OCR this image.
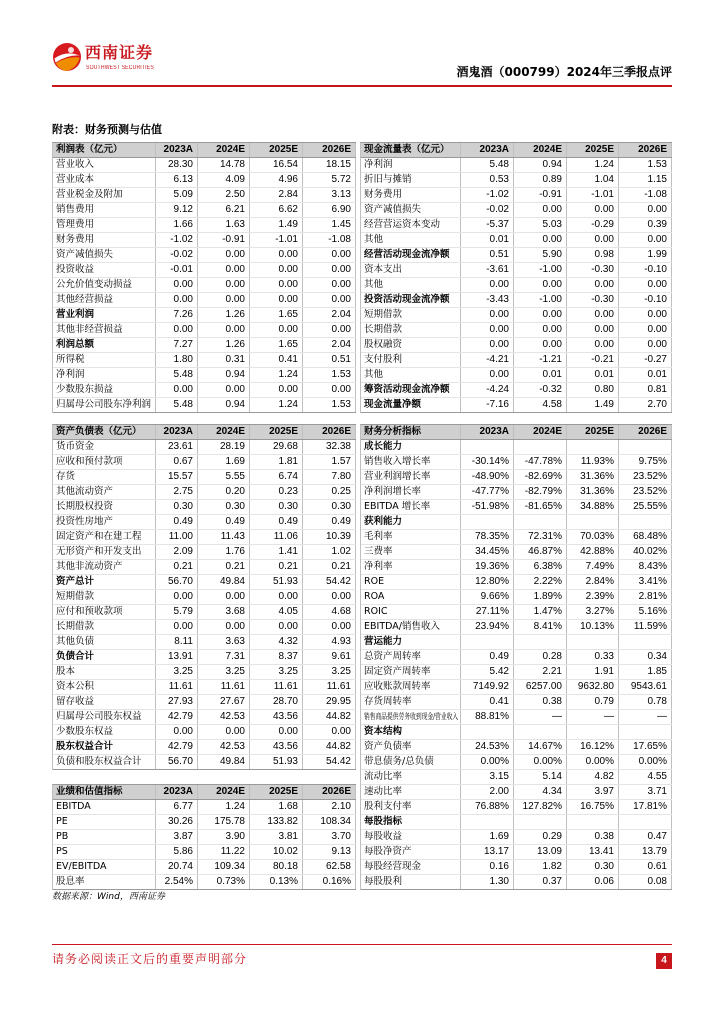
西南证券
SOUTHWEST SECURITIES	酒鬼酒（000799）2024年三季报点评
附表：财务预测与估值
利润表（亿元）	2023A	2024E	2025E	2026E
营业收入	28.30	14.78	16.54	18.15
营业成本	6.13	4.09	4.96	5.72
营业税金及附加	5.09	2.50	2.84	3.13
销售费用	9.12	6.21	6.62	6.90
管理费用	1.66	1.63	1.49	1.45
财务费用	-1.02	-0.91	-1.01	-1.08
资产减值损失	-0.02	0.00	0.00	0.00
投资收益	-0.01	0.00	0.00	0.00
公允价值变动损益	0.00	0.00	0.00	0.00
其他经营损益	0.00	0.00	0.00	0.00
营业利润	7.26	1.26	1.65	2.04
其他非经营损益	0.00	0.00	0.00	0.00
利润总额	7.27	1.26	1.65	2.04
所得税	1.80	0.31	0.41	0.51
净利润	5.48	0.94	1.24	1.53
少数股东损益	0.00	0.00	0.00	0.00
归属母公司股东净利润	5.48	0.94	1.24	1.53
现金流量表（亿元）	2023A	2024E	2025E	2026E
净利润	5.48	0.94	1.24	1.53
折旧与摊销	0.53	0.89	1.04	1.15
财务费用	-1.02	-0.91	-1.01	-1.08
资产减值损失	-0.02	0.00	0.00	0.00
经营营运资本变动	-5.37	5.03	-0.29	0.39
其他	0.01	0.00	0.00	0.00
经营活动现金流净额	0.51	5.90	0.98	1.99
资本支出	-3.61	-1.00	-0.30	-0.10
其他	0.00	0.00	0.00	0.00
投资活动现金流净额	-3.43	-1.00	-0.30	-0.10
短期借款	0.00	0.00	0.00	0.00
长期借款	0.00	0.00	0.00	0.00
股权融资	0.00	0.00	0.00	0.00
支付股利	-4.21	-1.21	-0.21	-0.27
其他	0.00	0.01	0.01	0.01
筹资活动现金流净额	-4.24	-0.32	0.80	0.81
现金流量净额	-7.16	4.58	1.49	2.70
资产负债表（亿元）	2023A	2024E	2025E	2026E
货币资金	23.61	28.19	29.68	32.38
应收和预付款项	0.67	1.69	1.81	1.57
存货	15.57	5.55	6.74	7.80
其他流动资产	2.75	0.20	0.23	0.25
长期股权投资	0.30	0.30	0.30	0.30
投资性房地产	0.49	0.49	0.49	0.49
固定资产和在建工程	11.00	11.43	11.06	10.39
无形资产和开发支出	2.09	1.76	1.41	1.02
其他非流动资产	0.21	0.21	0.21	0.21
资产总计	56.70	49.84	51.93	54.42
短期借款	0.00	0.00	0.00	0.00
应付和预收款项	5.79	3.68	4.05	4.68
长期借款	0.00	0.00	0.00	0.00
其他负债	8.11	3.63	4.32	4.93
负债合计	13.91	7.31	8.37	9.61
股本	3.25	3.25	3.25	3.25
资本公积	11.61	11.61	11.61	11.61
留存收益	27.93	27.67	28.70	29.95
归属母公司股东权益	42.79	42.53	43.56	44.82
少数股东权益	0.00	0.00	0.00	0.00
股东权益合计	42.79	42.53	43.56	44.82
负债和股东权益合计	56.70	49.84	51.93	54.42
财务分析指标	2023A	2024E	2025E	2026E
成长能力
销售收入增长率	-30.14%	-47.78%	11.93%	9.75%
营业利润增长率	-48.90%	-82.69%	31.36%	23.52%
净利润增长率	-47.77%	-82.79%	31.36%	23.52%
EBITDA 增长率	-51.98%	-81.65%	34.88%	25.55%
获利能力
毛利率	78.35%	72.31%	70.03%	68.48%
三费率	34.45%	46.87%	42.88%	40.02%
净利率	19.36%	6.38%	7.49%	8.43%
ROE	12.80%	2.22%	2.84%	3.41%
ROA	9.66%	1.89%	2.39%	2.81%
ROIC	27.11%	1.47%	3.27%	5.16%
EBITDA/销售收入	23.94%	8.41%	10.13%	11.59%
营运能力
总资产周转率	0.49	0.28	0.33	0.34
固定资产周转率	5.42	2.21	1.91	1.85
应收账款周转率	7149.92	6257.00	9632.80	9543.61
存货周转率	0.41	0.38	0.79	0.78
销售商品提供劳务收到现金/营业收入	88.81%	—	—	—
资本结构
资产负债率	24.53%	14.67%	16.12%	17.65%
带息债务/总负债	0.00%	0.00%	0.00%	0.00%
流动比率	3.15	5.14	4.82	4.55
速动比率	2.00	4.34	3.97	3.71
股利支付率	76.88%	127.82%	16.75%	17.81%
每股指标
每股收益	1.69	0.29	0.38	0.47
每股净资产	13.17	13.09	13.41	13.79
每股经营现金	0.16	1.82	0.30	0.61
每股股利	1.30	0.37	0.06	0.08
业绩和估值指标	2023A	2024E	2025E	2026E
EBITDA	6.77	1.24	1.68	2.10
PE	30.26	175.78	133.82	108.34
PB	3.87	3.90	3.81	3.70
PS	5.86	11.22	10.02	9.13
EV/EBITDA	20.74	109.34	80.18	62.58
股息率	2.54%	0.73%	0.13%	0.16%
数据来源：Wind，西南证券
请务必阅读正文后的重要声明部分	4
